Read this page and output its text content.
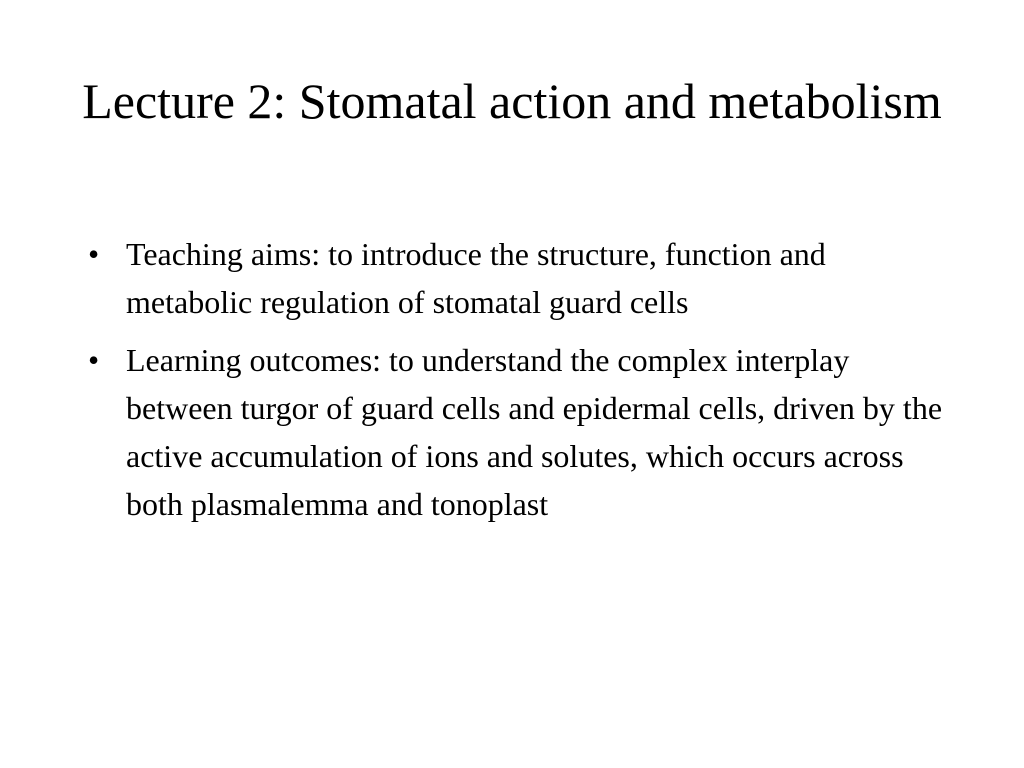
Lecture 2: Stomatal action and metabolism
• Teaching aims: to introduce the structure, function and metabolic regulation of stomatal guard cells
• Learning outcomes: to understand the complex interplay between turgor of guard cells and epidermal cells, driven by the active accumulation of ions and solutes, which occurs across both plasmalemma and tonoplast
